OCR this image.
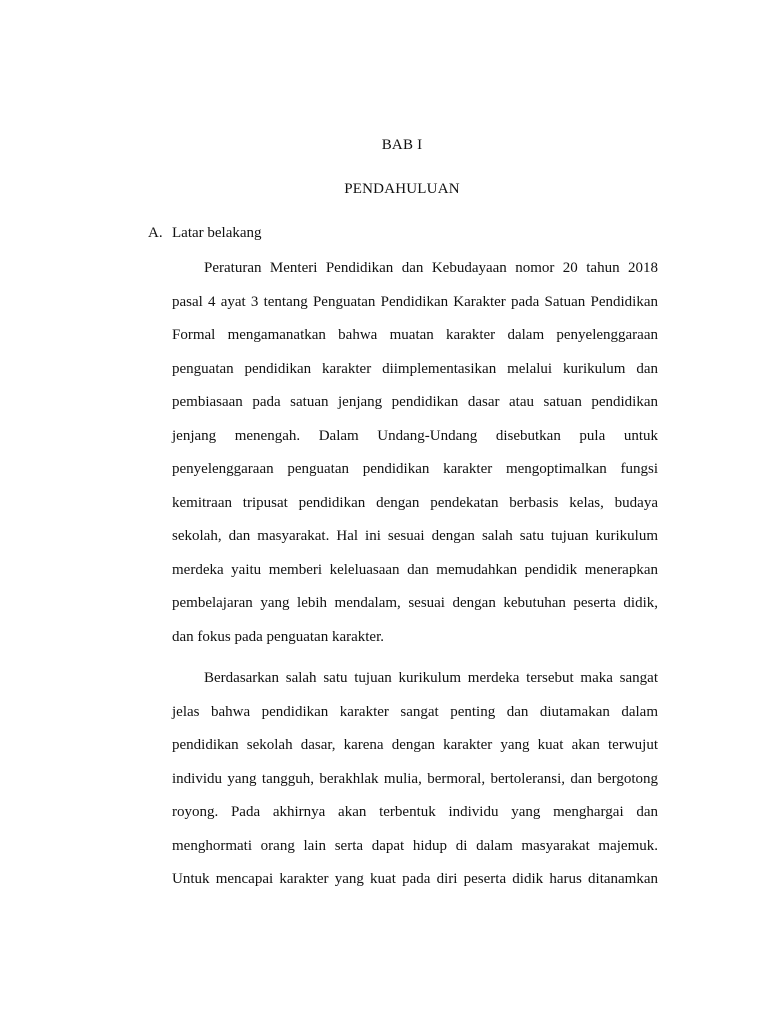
BAB I
PENDAHULUAN
A. Latar belakang

Peraturan Menteri Pendidikan dan Kebudayaan nomor 20 tahun 2018
pasal 4 ayat 3 tentang Penguatan Pendidikan Karakter pada Satuan Pendidikan
Formal mengamanatkan bahwa muatan karakter dalam penyelenggaraan
penguatan pendidikan karakter diimplementasikan melalui kurikulum dan
pembiasaan pada satuan jenjang pendidikan dasar atau satuan pendidikan
jenjang menengah. Dalam Undang-Undang disebutkan pula untuk
penyelenggaraan penguatan pendidikan karakter mengoptimalkan fungsi
kemitraan tripusat pendidikan dengan pendekatan berbasis kelas, budaya
sekolah, dan masyarakat. Hal ini sesuai dengan salah satu tujuan kurikulum
merdeka yaitu memberi keleluasaan dan memudahkan pendidik menerapkan
pembelajaran yang lebih mendalam, sesuai dengan kebutuhan peserta didik,
dan fokus pada penguatan karakter.

Berdasarkan salah satu tujuan kurikulum merdeka tersebut maka sangat
jelas bahwa pendidikan karakter sangat penting dan diutamakan dalam
pendidikan sekolah dasar, karena dengan karakter yang kuat akan terwujut
individu yang tangguh, berakhlak mulia, bermoral, bertoleransi, dan bergotong
royong. Pada akhirnya akan terbentuk individu yang menghargai dan
menghormati orang lain serta dapat hidup di dalam masyarakat majemuk.
Untuk mencapai karakter yang kuat pada diri peserta didik harus ditanamkan
